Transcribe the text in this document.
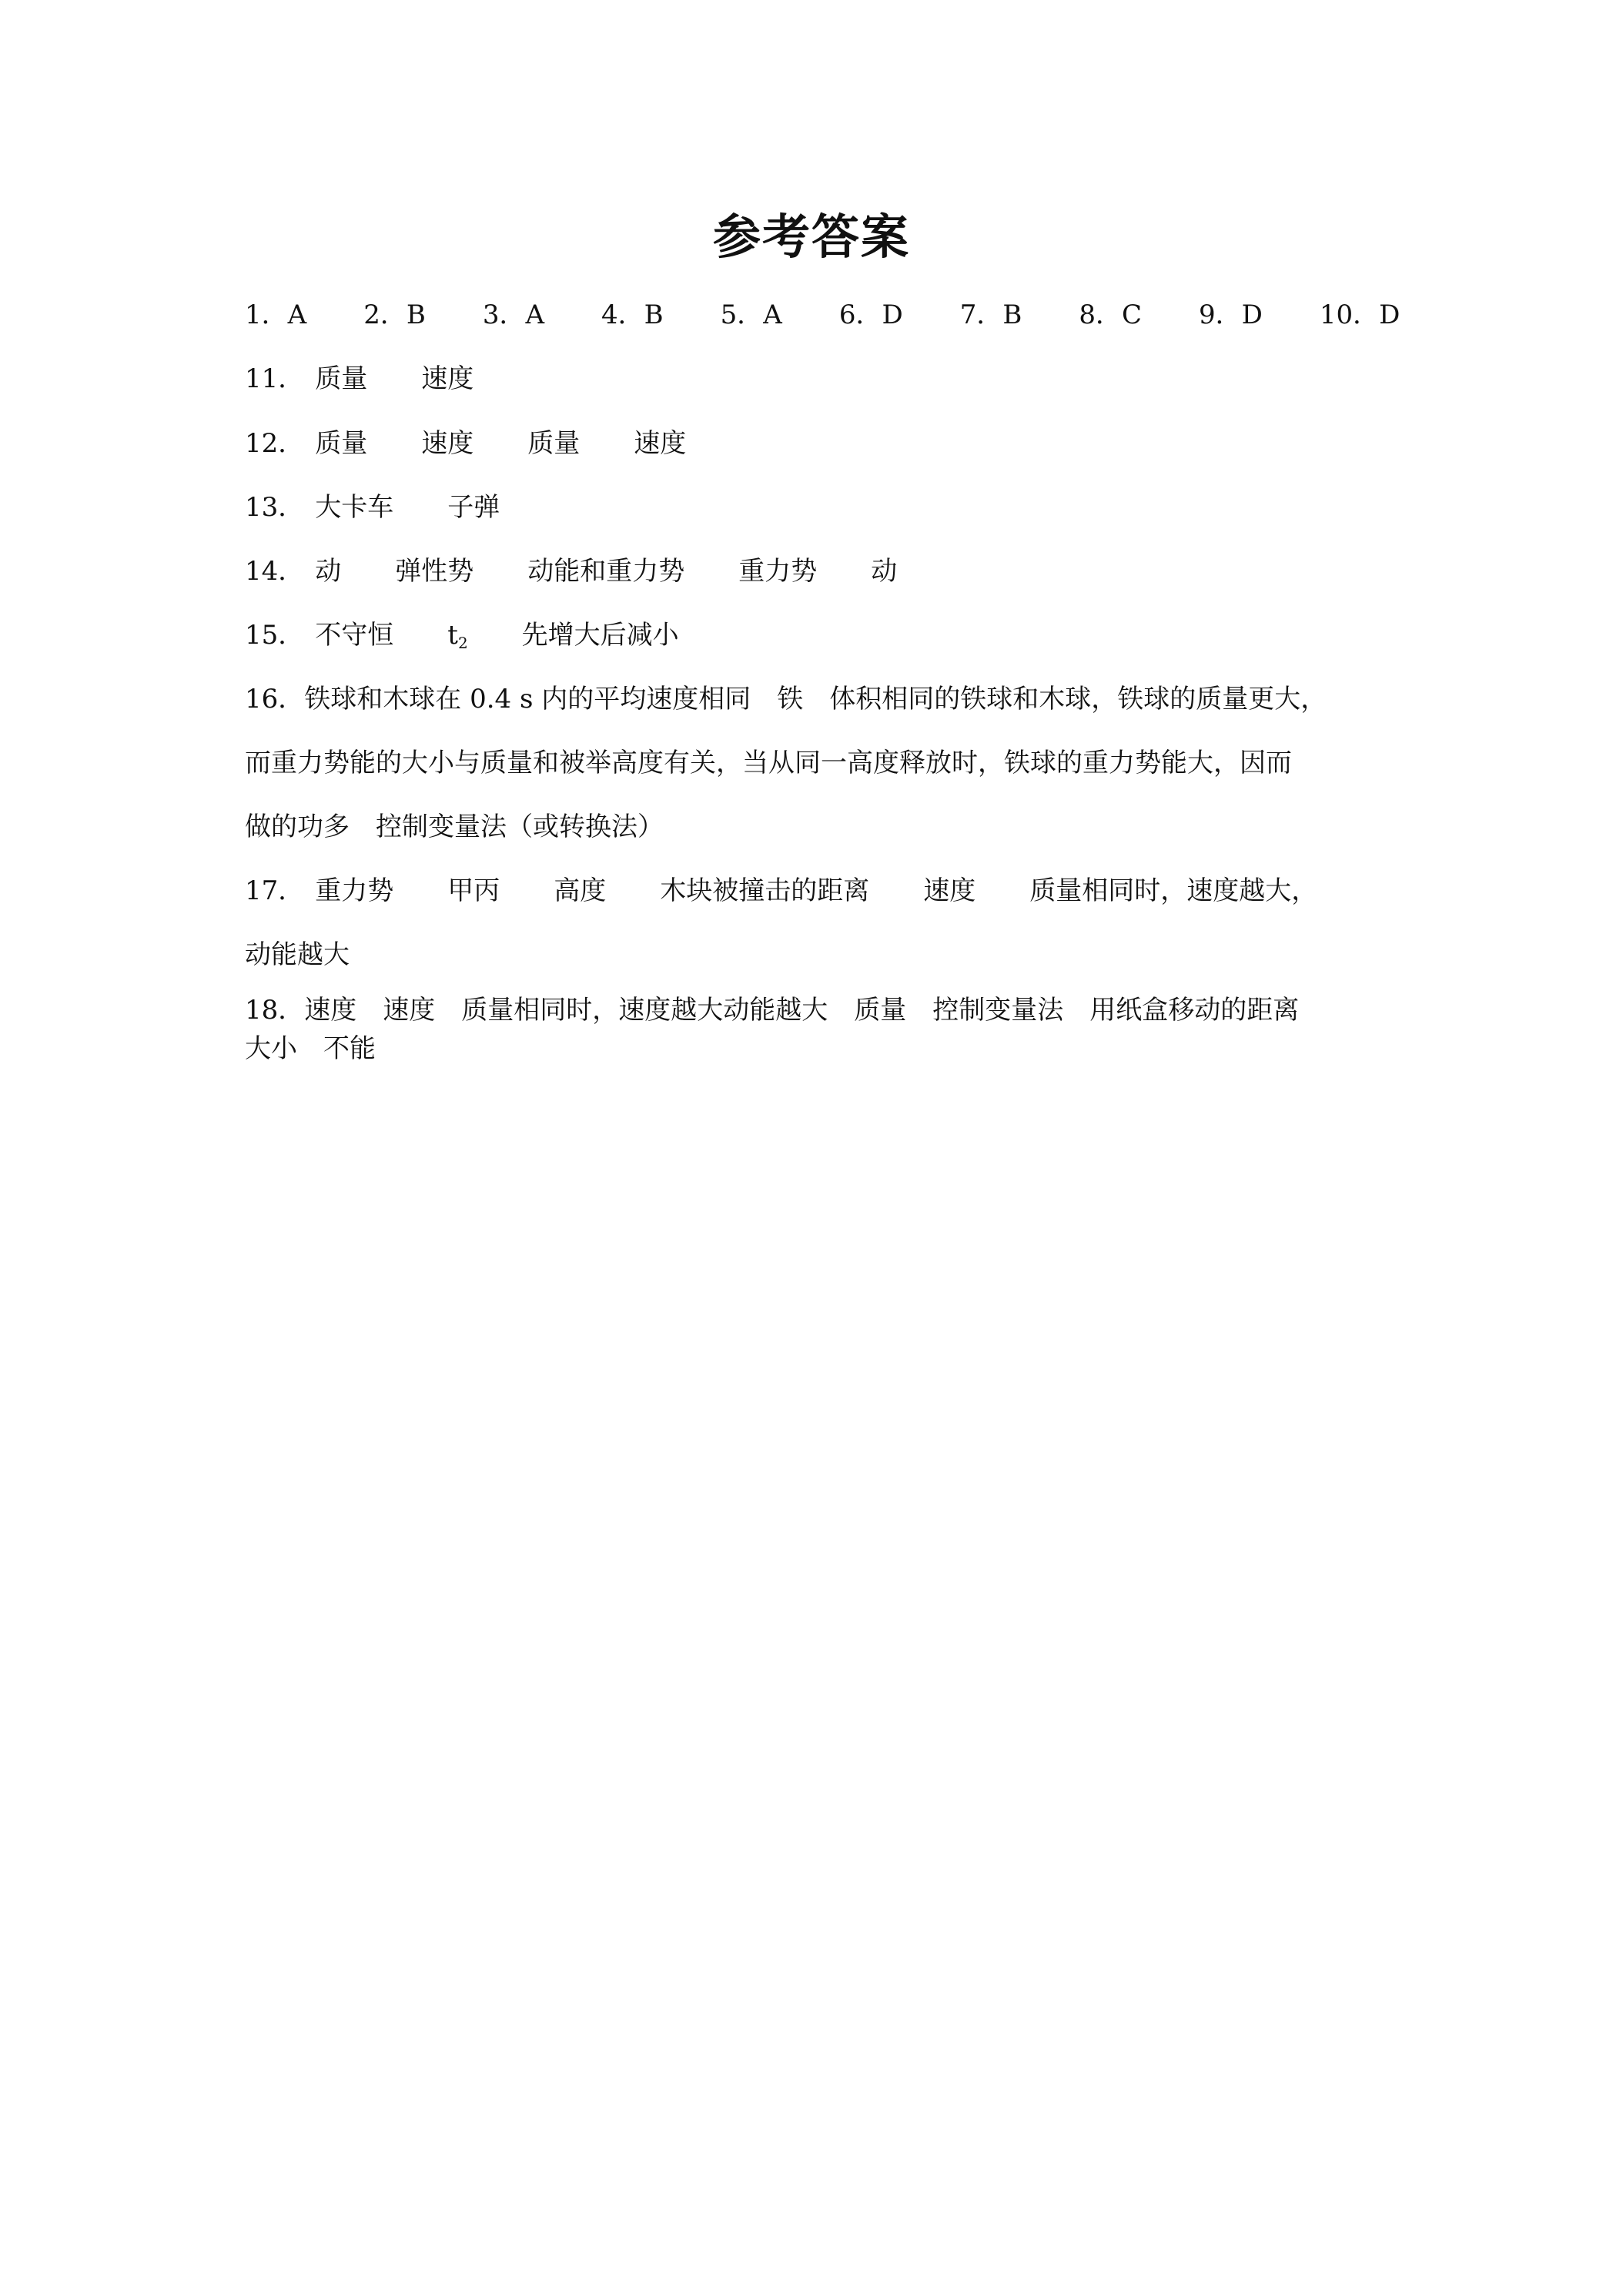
参考答案
1．A 2．B 3．A 4．B 5．A 6．D 7．B 8．C 9．D 10．D
11． 质量 速度
12． 质量 速度 质量 速度
13． 大卡车 子弹
14． 动 弹性势 动能和重力势 重力势 动
15． 不守恒 $t_2$ 先增大后减小
16．铁球和木球在 0.4 s 内的平均速度相同　铁　体积相同的铁球和木球，铁球的质量更大，
而重力势能的大小与质量和被举高度有关，当从同一高度释放时，铁球的重力势能大，因而
做的功多　控制变量法（或转换法）
17． 重力势 甲丙 高度 木块被撞击的距离 速度 质量相同时，速度越大，
动能越大
18．速度　速度　质量相同时，速度越大动能越大　质量　控制变量法　用纸盒移动的距离
大小　不能
